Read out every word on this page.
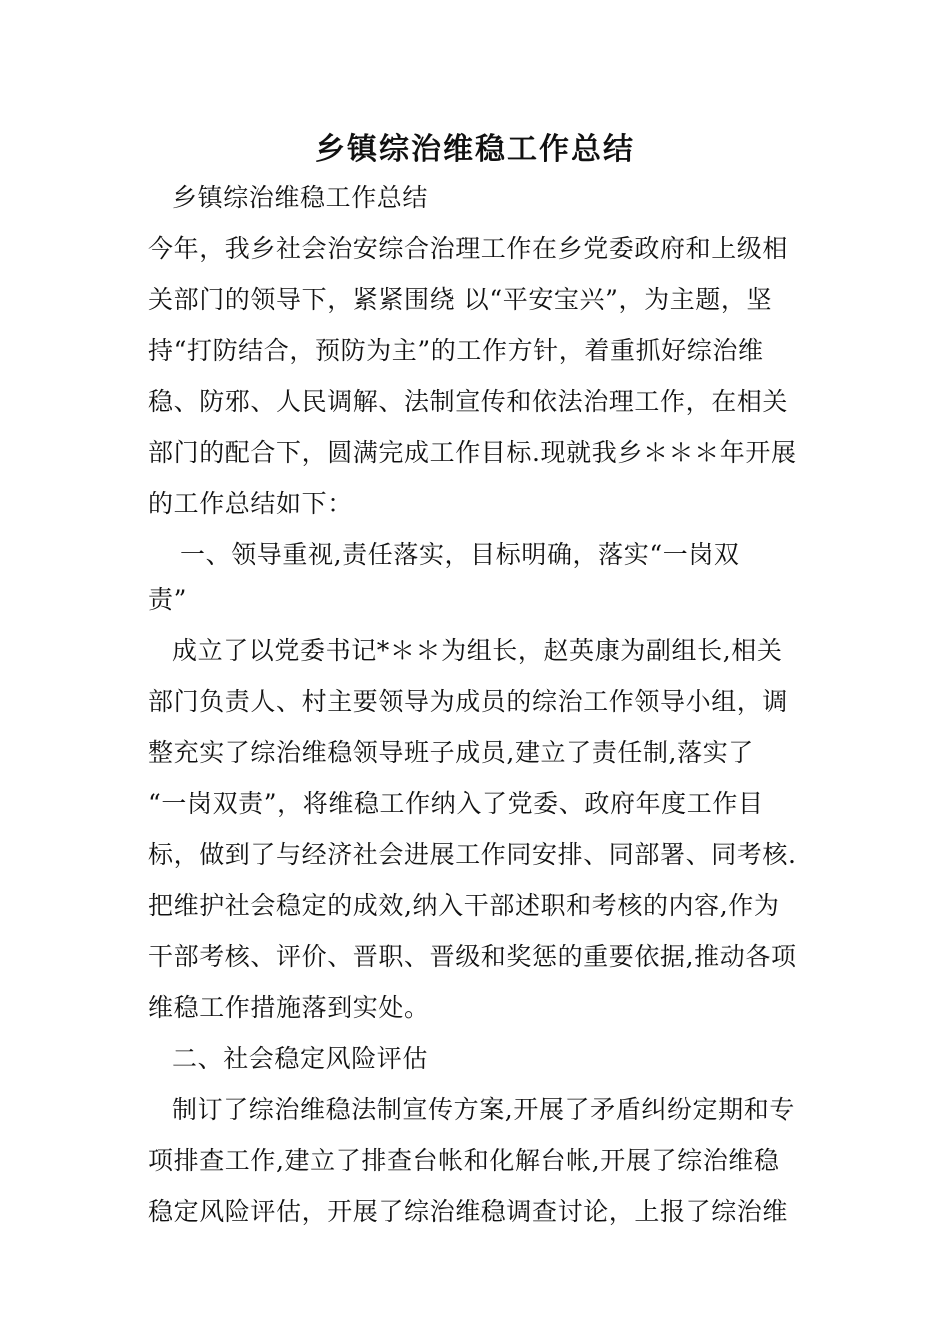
乡镇综治维稳工作总结

乡镇综治维稳工作总结

今年，我乡社会治安综合治理工作在乡党委政府和上级相

关部门的领导下，紧紧围绕 以“平安宝兴”，为主题，坚

持“打防结合，预防为主”的工作方针，着重抓好综治维

稳、防邪、人民调解、法制宣传和依法治理工作，在相关

部门的配合下，圆满完成工作目标.现就我乡＊＊＊年开展

的工作总结如下：

一、领导重视,责任落实，目标明确，落实“一岗双

责”

成立了以党委书记*＊＊为组长，赵英康为副组长,相关

部门负责人、村主要领导为成员的综治工作领导小组，调

整充实了综治维稳领导班子成员,建立了责任制,落实了

“一岗双责”，将维稳工作纳入了党委、政府年度工作目

标，做到了与经济社会进展工作同安排、同部署、同考核.

把维护社会稳定的成效,纳入干部述职和考核的内容,作为

干部考核、评价、晋职、晋级和奖惩的重要依据,推动各项

维稳工作措施落到实处。

二、社会稳定风险评估

制订了综治维稳法制宣传方案,开展了矛盾纠纷定期和专

项排查工作,建立了排查台帐和化解台帐,开展了综治维稳

稳定风险评估，开展了综治维稳调查讨论，上报了综治维
